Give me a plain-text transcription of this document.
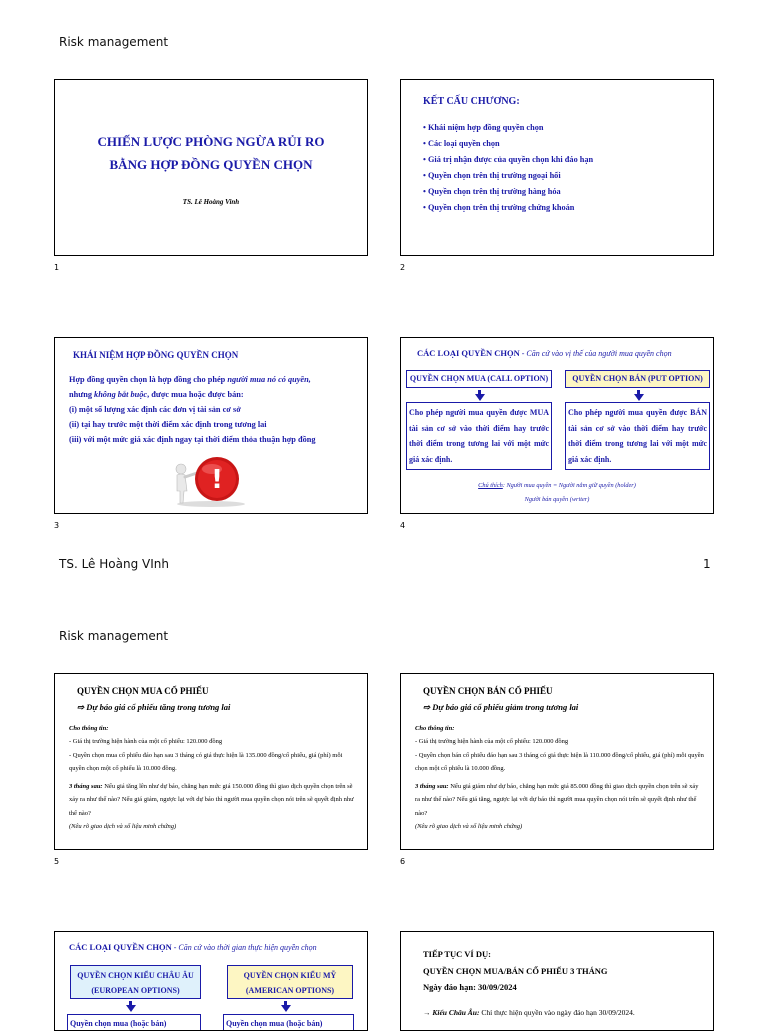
Risk management
CHIẾN LƯỢC PHÒNG NGỪA RỦI RO
BẰNG HỢP ĐỒNG QUYỀN CHỌN
TS. Lê Hoàng Vinh
1
KẾT CẤU CHƯƠNG:
• Khái niệm hợp đồng quyền chọn
• Các loại quyền chọn
• Giá trị nhận được của quyền chọn khi đáo hạn
• Quyền chọn trên thị trường ngoại hối
• Quyền chọn trên thị trường hàng hóa
• Quyền chọn trên thị trường chứng khoán
2
KHÁI NIỆM HỢP ĐỒNG QUYỀN CHỌN
Hợp đồng quyền chọn là hợp đồng cho phép người mua nó có quyền,
nhưng không bắt buộc, được mua hoặc được bán:
(i) một số lượng xác định các đơn vị tài sản cơ sở
(ii) tại hay trước một thời điểm xác định trong tương lai
(iii) với một mức giá xác định ngay tại thời điểm thỏa thuận hợp đồng
!
3
CÁC LOẠI QUYỀN CHỌN - Căn cứ vào vị thế của người mua quyền chọn
QUYỀN CHỌN MUA (CALL OPTION)	QUYỀN CHỌN BÁN (PUT OPTION)
Cho phép người mua quyền được MUA tài sản cơ sở vào thời điểm hay trước thời điểm trong tương lai với một mức giá xác định.
Cho phép người mua quyền được BÁN tài sản cơ sở vào thời điểm hay trước thời điểm trong tương lai với một mức giá xác định.
Chú thích: Người mua quyền = Người nắm giữ quyền (holder)
Người bán quyền (writer)
4
TS. Lê Hoàng VInh	1
Risk management
QUYỀN CHỌN MUA CỔ PHIẾU
⇨ Dự báo giá cổ phiếu tăng trong tương lai

Cho thông tin:

- Giá thị trường hiện hành của một cổ phiếu: 120.000 đồng

- Quyền chọn mua cổ phiếu đáo hạn sau 3 tháng có giá thực hiện là 135.000 đồng/cổ phiếu, giá (phí) mỗi quyền chọn một cổ phiếu là 10.000 đồng.

3 tháng sau: Nếu giá tăng lên như dự báo, chẳng hạn mức giá 150.000 đồng thì giao dịch quyền chọn trên sẽ xảy ra như thế nào? Nếu giá giảm, ngược lại với dự báo thì người mua quyền chọn nói trên sẽ quyết định như thế nào?

(Nêu rõ giao dịch và số liệu minh chứng)

5
QUYỀN CHỌN BÁN CỔ PHIẾU
⇨ Dự báo giá cổ phiếu giảm trong tương lai

Cho thông tin:

- Giá thị trường hiện hành của một cổ phiếu: 120.000 đồng

- Quyền chọn bán cổ phiếu đáo hạn sau 3 tháng có giá thực hiện là 110.000 đồng/cổ phiếu, giá (phí) mỗi quyền chọn một cổ phiếu là 10.000 đồng.

3 tháng sau: Nếu giá giảm như dự báo, chẳng hạn mức giá 85.000 đồng thì giao dịch quyền chọn trên sẽ xảy ra như thế nào? Nếu giá tăng, ngược lại với dự báo thì người mua quyền chọn nói trên sẽ quyết định như thế nào?

(Nêu rõ giao dịch và số liệu minh chứng)

6
CÁC LOẠI QUYỀN CHỌN - Căn cứ vào thời gian thực hiện quyền chọn
QUYỀN CHỌN KIỂU CHÂU ÂU
(EUROPEAN OPTIONS)
QUYỀN CHỌN KIỂU MỸ
(AMERICAN OPTIONS)
Quyền chọn mua (hoặc bán)	Quyền chọn mua (hoặc bán)
TIẾP TỤC VÍ DỤ:
QUYỀN CHỌN MUA/BÁN CỔ PHIẾU 3 THÁNG
Ngày đáo hạn: 30/09/2024
→ Kiểu Châu Âu: Chỉ thực hiện quyền vào ngày đáo hạn 30/09/2024.
